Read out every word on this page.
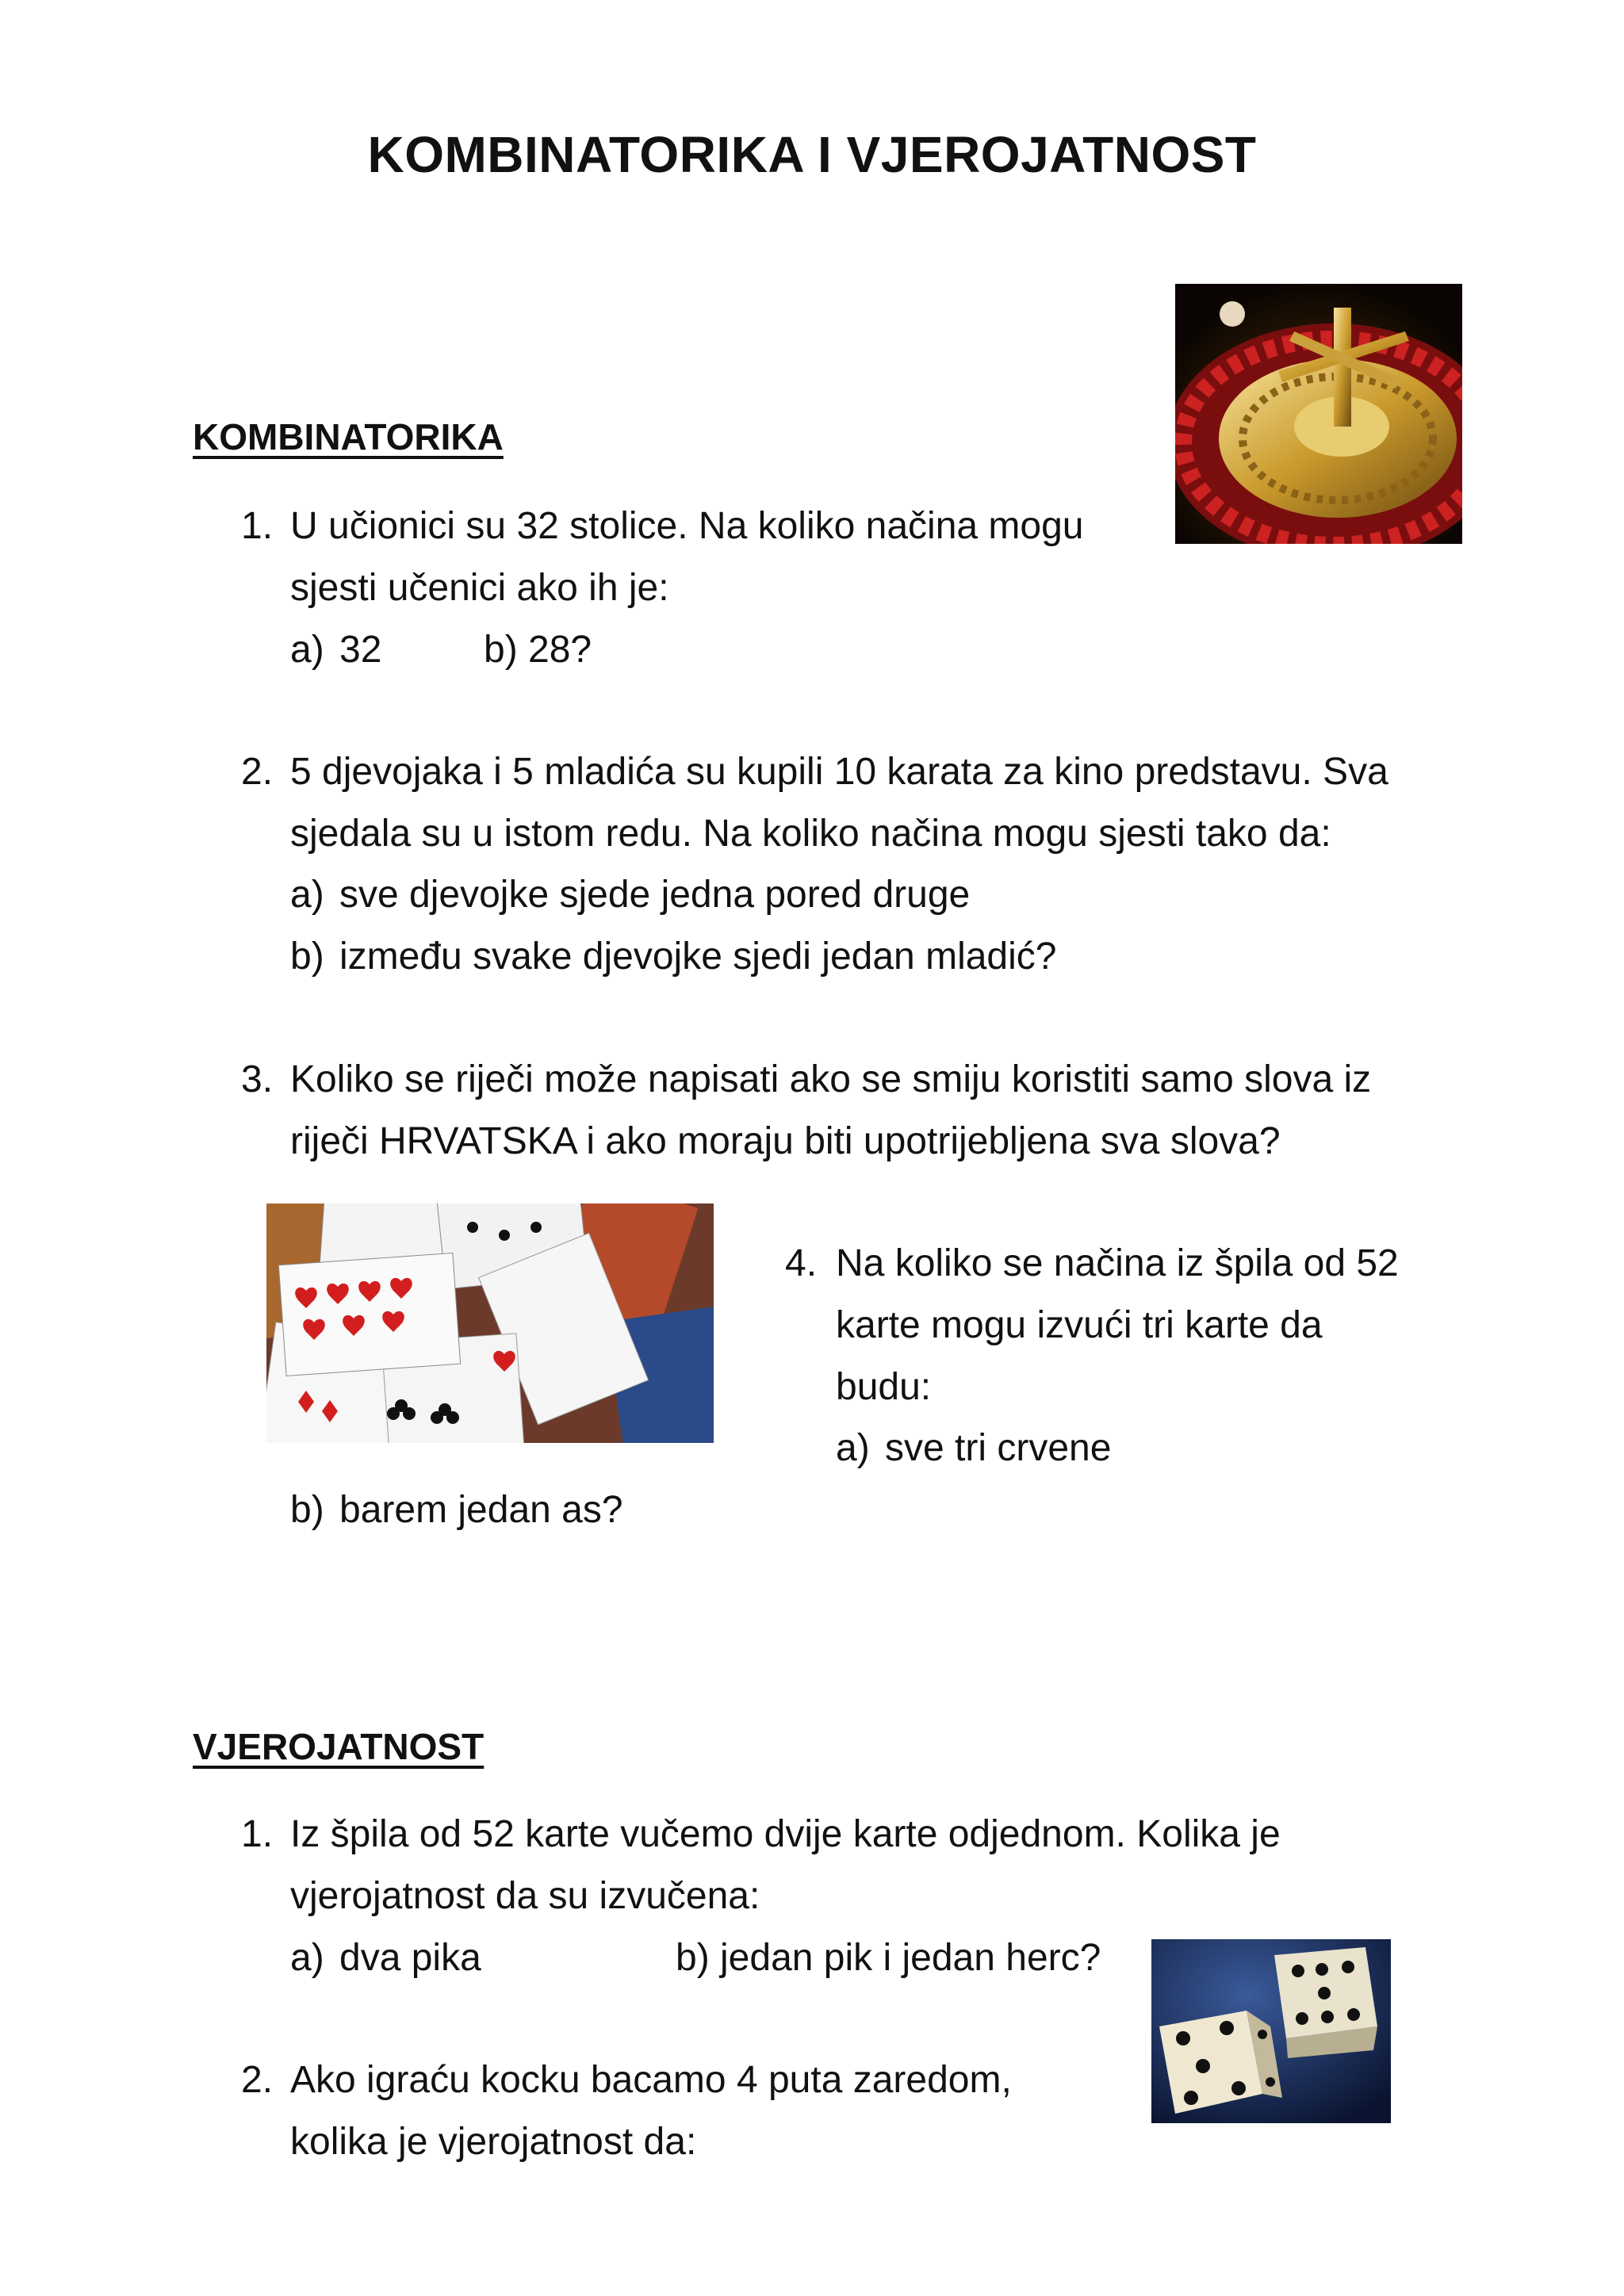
KOMBINATORIKA I VJEROJATNOST
KOMBINATORIKA
1. U učionici su 32 stolice. Na koliko načina mogu
sjesti učenici ako ih je:
a) 32	b) 28?
2. 5 djevojaka i 5 mladića su kupili 10 karata za kino predstavu. Sva
sjedala su u istom redu. Na koliko načina mogu sjesti tako da:
a) sve djevojke sjede jedna pored druge
b) između svake djevojke sjedi jedan mladić?
3. Koliko se riječi može napisati ako se smiju koristiti samo slova iz
riječi HRVATSKA i ako moraju biti upotrijebljena sva slova?
4. Na koliko se načina iz špila od 52
karte mogu izvući tri karte da
budu:
a) sve tri crvene
b) barem jedan as?
VJEROJATNOST
1. Iz špila od 52 karte vučemo dvije karte odjednom. Kolika je
vjerojatnost da su izvučena:
a) dva pika	b) jedan pik i jedan herc?
2. Ako igraću kocku bacamo 4 puta zaredom,
kolika je vjerojatnost da:
